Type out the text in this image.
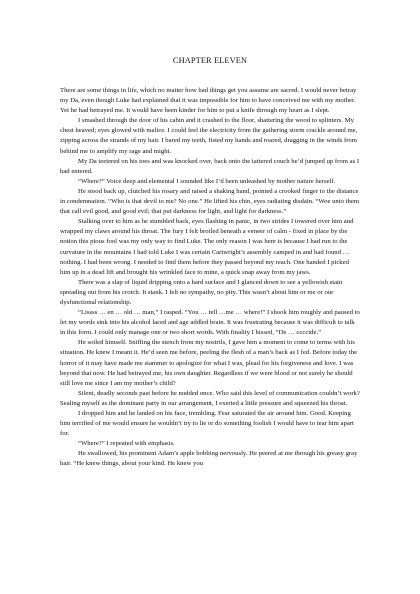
CHAPTER ELEVEN

There are some things in life, which no matter how bad things get you assume are sacred. I would never betray my Da, even though Luke had explained that it was impossible for him to have conceived me with my mother. Yet he had betrayed me. It would have been kinder for him to put a knife through my heart as I slept.

I smashed through the door of his cabin and it crashed to the floor, shattering the wood to splinters. My chest heaved; eyes glowed with malice. I could feel the electricity from the gathering storm crackle around me, zipping across the strands of my hair. I bared my teeth, fisted my hands and roared, dragging in the winds from behind me to amplify my rage and might.

My Da teetered on his toes and was knocked over, back onto the tattered couch he’d jumped up from as I had entered.

“Where?” Voice deep and elemental I sounded like I’d been unleashed by mother nature herself.

He stood back up, clutched his rosary and raised a shaking hand, pointed a crooked finger to the distance in condemnation. “Who is that devil to me? No one.” He lifted his chin, eyes radiating disdain. “Woe unto them that call evil good, and good evil; that put darkness for light, and light for darkness.”

Stalking over to him as he stumbled back, eyes flashing in panic, in two strides I towered over him and wrapped my claws around his throat. The fury I felt broiled beneath a veneer of calm - fixed in place by the notion this pious fool was my only way to find Luke. The only reason I was here is because I had run to the curvature in the mountains I had told Luke I was certain Cartwright’s assembly camped in and had found … nothing. I had been wrong. I needed to find them before they passed beyond my reach. One handed I picked him up in a dead lift and brought his wrinkled face to mine, a quick snap away from my jaws.

There was a slap of liquid dripping onto a hard surface and I glanced down to see a yellowish stain spreading out from his crotch. It stank. I felt no sympathy, no pity. This wasn’t about him or me or our dysfunctional relationship.

“Lissss … en … old … man,” I rasped. “You … tell …me … where!” I shook him roughly and paused to let my words sink into his alcohol laced and age addled brain. It was frustrating because it was difficult to talk in this form. I could only manage one or two short words. With finality I hissed, “De … ccccide.”

He soiled himself. Sniffing the stench from my nostrils, I gave him a moment to come to terms with his situation. He knew I meant it. He’d seen me before, peeling the flesh of a man’s back as I fed. Before today the horror of it may have made me stammer to apologize for what I was, plead for his forgiveness and love. I was beyond that now. He had betrayed me, his own daughter. Regardless if we were blood or not surely he should still love me since I am my mother’s child?

Silent, deadly seconds past before he nodded once. Who said this level of communication couldn’t work? Sealing myself as the dominant party in our arrangement, I exerted a little pressure and squeezed his throat.

I dropped him and he landed on his face, trembling. Fear saturated the air around him. Good. Keeping him terrified of me would ensure he wouldn’t try to lie or do something foolish I would have to tear him apart for.

“Where?” I repeated with emphasis.

He swallowed, his prominent Adam’s apple bobbing nervously. He peered at me through his greasy gray hair. “He knew things, about your kind. He knew you
